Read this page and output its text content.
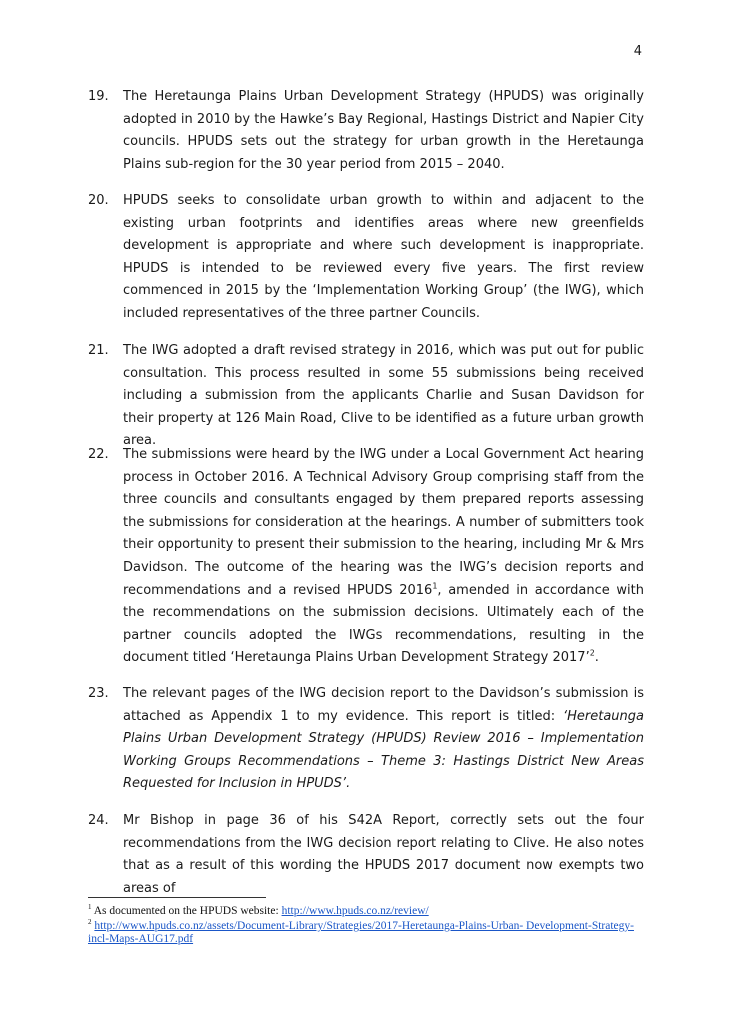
4
19.	The Heretaunga Plains Urban Development Strategy (HPUDS) was originally adopted in 2010 by the Hawke’s Bay Regional, Hastings District and Napier City councils. HPUDS sets out the strategy for urban growth in the Heretaunga Plains sub-region for the 30 year period from 2015 – 2040.
20.	HPUDS seeks to consolidate urban growth to within and adjacent to the existing urban footprints and identifies areas where new greenfields development is appropriate and where such development is inappropriate. HPUDS is intended to be reviewed every five years. The first review commenced in 2015 by the ‘Implementation Working Group’ (the IWG), which included representatives of the three partner Councils.
21.	The IWG adopted a draft revised strategy in 2016, which was put out for public consultation. This process resulted in some 55 submissions being received including a submission from the applicants Charlie and Susan Davidson for their property at 126 Main Road, Clive to be identified as a future urban growth area.
22.	The submissions were heard by the IWG under a Local Government Act hearing process in October 2016. A Technical Advisory Group comprising staff from the three councils and consultants engaged by them prepared reports assessing the submissions for consideration at the hearings. A number of submitters took their opportunity to present their submission to the hearing, including Mr & Mrs Davidson. The outcome of the hearing was the IWG’s decision reports and recommendations and a revised HPUDS 2016$^1$, amended in accordance with the recommendations on the submission decisions. Ultimately each of the partner councils adopted the IWGs recommendations, resulting in the document titled ‘Heretaunga Plains Urban Development Strategy 2017’$^2$.
23.	The relevant pages of the IWG decision report to the Davidson’s submission is attached as Appendix 1 to my evidence. This report is titled: ‘Heretaunga Plains Urban Development Strategy (HPUDS) Review 2016 – Implementation Working Groups Recommendations – Theme 3: Hastings District New Areas Requested for Inclusion in HPUDS’.
24.	Mr Bishop in page 36 of his S42A Report, correctly sets out the four recommendations from the IWG decision report relating to Clive. He also notes that as a result of this wording the HPUDS 2017 document now exempts two areas of
$^1$ As documented on the HPUDS website: http://www.hpuds.co.nz/review/
$^2$ http://www.hpuds.co.nz/assets/Document-Library/Strategies/2017-Heretaunga-Plains-Urban- Development-Strategy-incl-Maps-AUG17.pdf
